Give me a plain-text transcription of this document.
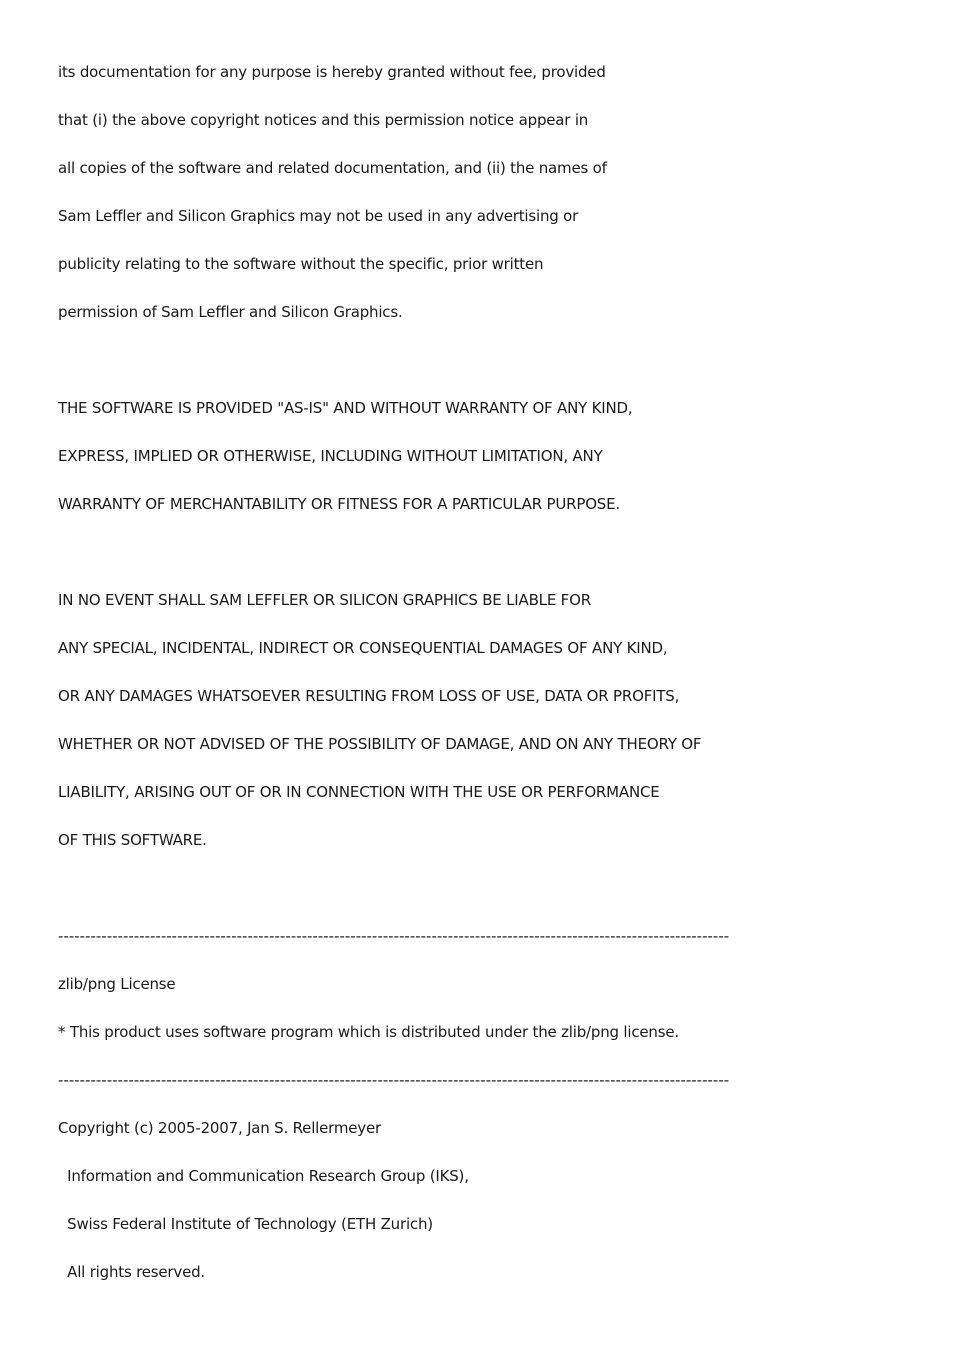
its documentation for any purpose is hereby granted without fee, provided
that (i) the above copyright notices and this permission notice appear in
all copies of the software and related documentation, and (ii) the names of
Sam Leffler and Silicon Graphics may not be used in any advertising or
publicity relating to the software without the specific, prior written
permission of Sam Leffler and Silicon Graphics.
THE SOFTWARE IS PROVIDED "AS-IS" AND WITHOUT WARRANTY OF ANY KIND,
EXPRESS, IMPLIED OR OTHERWISE, INCLUDING WITHOUT LIMITATION, ANY
WARRANTY OF MERCHANTABILITY OR FITNESS FOR A PARTICULAR PURPOSE.
IN NO EVENT SHALL SAM LEFFLER OR SILICON GRAPHICS BE LIABLE FOR
ANY SPECIAL, INCIDENTAL, INDIRECT OR CONSEQUENTIAL DAMAGES OF ANY KIND,
OR ANY DAMAGES WHATSOEVER RESULTING FROM LOSS OF USE, DATA OR PROFITS,
WHETHER OR NOT ADVISED OF THE POSSIBILITY OF DAMAGE, AND ON ANY THEORY OF
LIABILITY, ARISING OUT OF OR IN CONNECTION WITH THE USE OR PERFORMANCE
OF THIS SOFTWARE.
----------------------------------------------------------------------------------------------------------------------------
zlib/png License
* This product uses software program which is distributed under the zlib/png license.
----------------------------------------------------------------------------------------------------------------------------
Copyright (c) 2005-2007, Jan S. Rellermeyer
Information and Communication Research Group (IKS),
Swiss Federal Institute of Technology (ETH Zurich)
All rights reserved.
